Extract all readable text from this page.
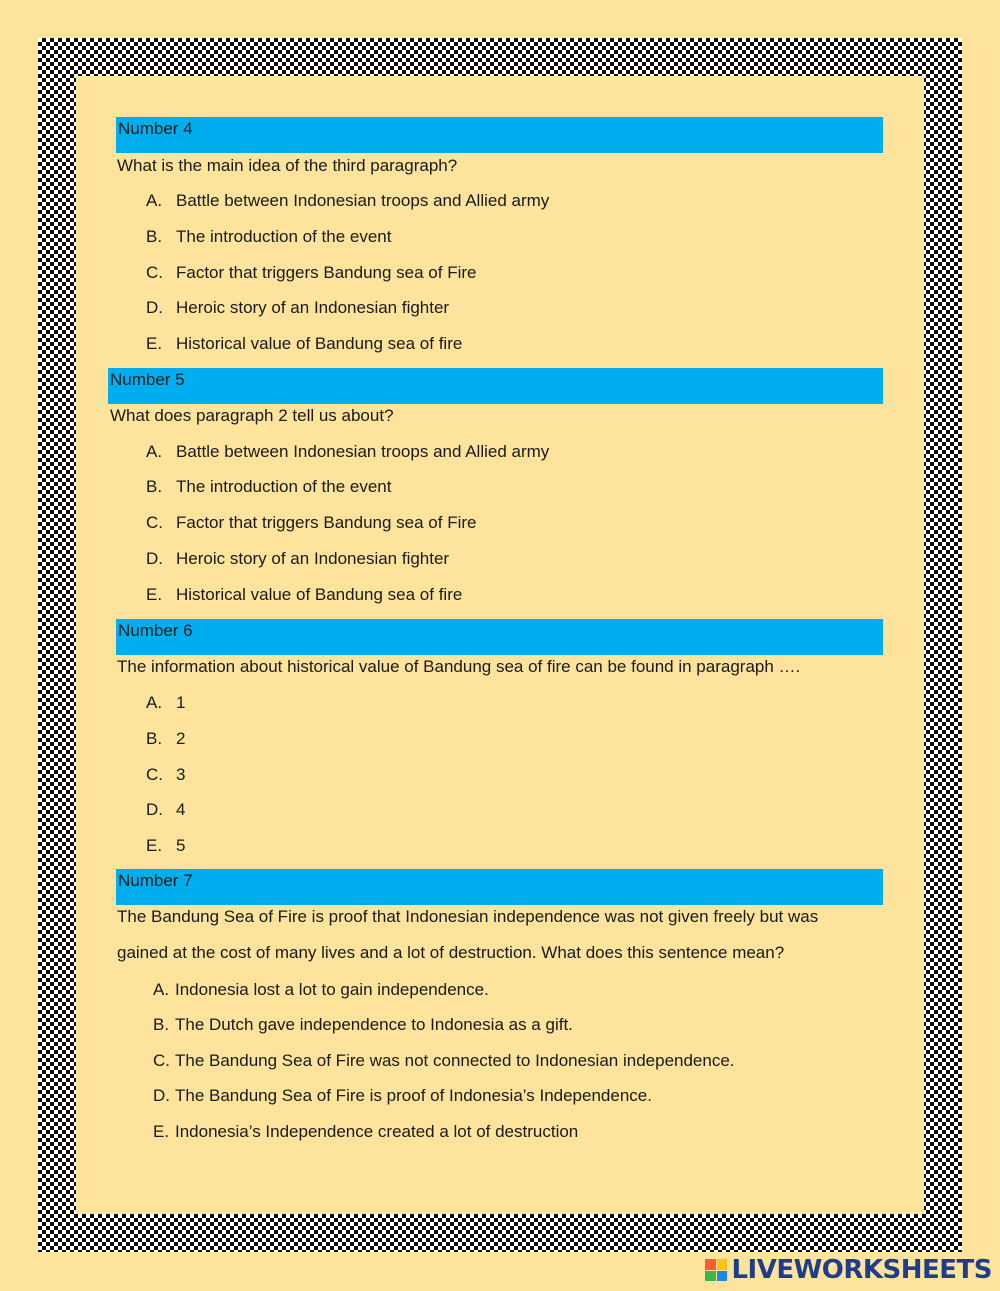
Number 4
What is the main idea of the third paragraph?
A. Battle between Indonesian troops and Allied army
B. The introduction of the event
C. Factor that triggers Bandung sea of Fire
D. Heroic story of an Indonesian fighter
E. Historical value of Bandung sea of fire
Number 5
What does paragraph 2 tell us about?
A. Battle between Indonesian troops and Allied army
B. The introduction of the event
C. Factor that triggers Bandung sea of Fire
D. Heroic story of an Indonesian fighter
E. Historical value of Bandung sea of fire
Number 6
The information about historical value of Bandung sea of fire can be found in paragraph ….
A. 1
B. 2
C. 3
D. 4
E. 5
Number 7
The Bandung Sea of Fire is proof that Indonesian independence was not given freely but was
gained at the cost of many lives and a lot of destruction. What does this sentence mean?
A. Indonesia lost a lot to gain independence.
B. The Dutch gave independence to Indonesia as a gift.
C. The Bandung Sea of Fire was not connected to Indonesian independence.
D. The Bandung Sea of Fire is proof of Indonesia’s Independence.
E. Indonesia’s Independence created a lot of destruction
LIVEWORKSHEETS
